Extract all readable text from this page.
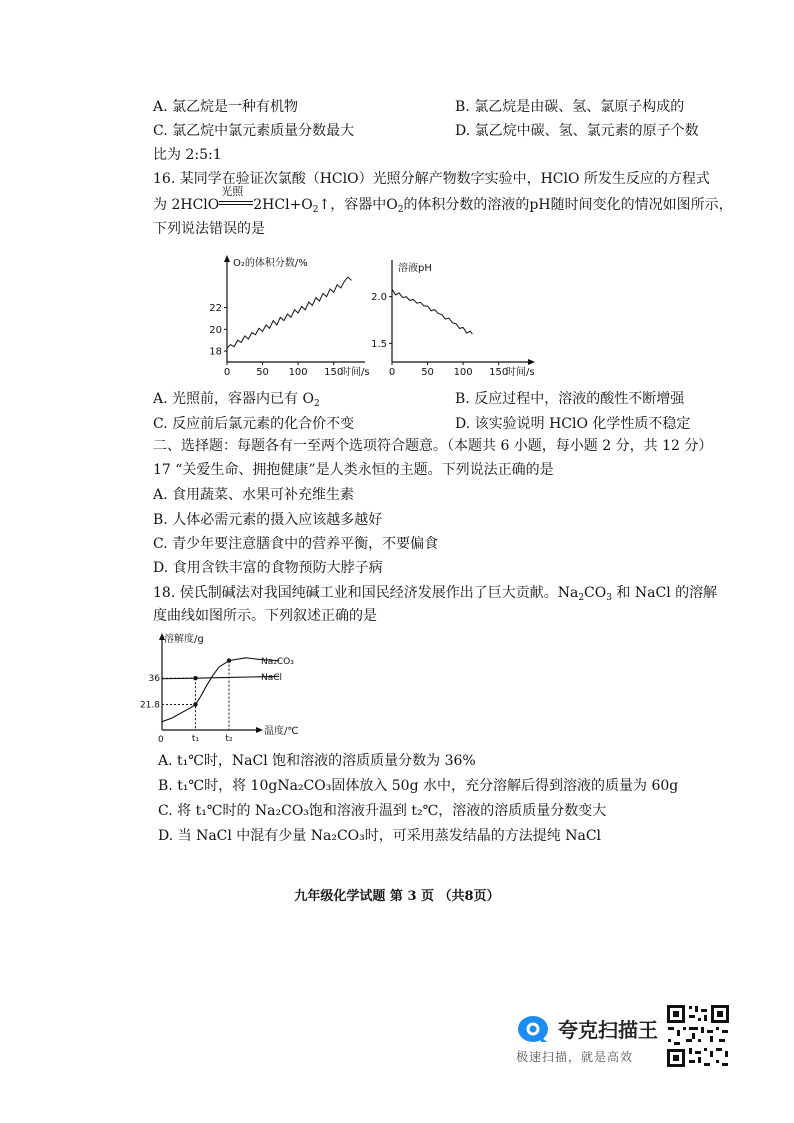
A. 氯乙烷是一种有机物	B. 氯乙烷是由碳、氢、氯原子构成的
C. 氯乙烷中氯元素质量分数最大	D. 氯乙烷中碳、氢、氯元素的原子个数
比为 2:5:1
16. 某同学在验证次氯酸（HClO）光照分解产物数字实验中，HClO 所发生反应的方程式
为 2HClO
光照
$2HCl+O_2↑$，容器中$O_2$的体积分数的溶液的pH随时间变化的情况如图所示，
下列说法错误的是
O₂的体积分数/%
18
20
22
0	50 100 150
时间/s
溶液pH
1.5
2.0
0	50 100 150
时间/s
A. 光照前，容器内已有 $O_2$	B. 反应过程中，溶液的酸性不断增强
C. 反应前后氯元素的化合价不变	D. 该实验说明 HClO 化学性质不稳定
二、选择题：每题各有一至两个选项符合题意。（本题共 6 小题，每小题 2 分，共 12 分）
17 “关爱生命、拥抱健康”是人类永恒的主题。下列说法正确的是
A. 食用蔬菜、水果可补充维生素
B. 人体必需元素的摄入应该越多越好
C. 青少年要注意膳食中的营养平衡，不要偏食
D. 食用含铁丰富的食物预防大脖子病
18. 侯氏制碱法对我国纯碱工业和国民经济发展作出了巨大贡献。$Na_2CO_3$ 和 NaCl 的溶解
度曲线如图所示。下列叙述正确的是
溶解度/g
温度/℃
0
21.8
36
t₁	t₂
Na₂CO₃
NaCl
A. t₁℃时，NaCl 饱和溶液的溶质质量分数为 36%
B. t₁℃时，将 10gNa₂CO₃固体放入 50g 水中，充分溶解后得到溶液的质量为 60g
C. 将 t₁℃时的 Na₂CO₃饱和溶液升温到 t₂℃，溶液的溶质质量分数变大
D. 当 NaCl 中混有少量 Na₂CO₃时，可采用蒸发结晶的方法提纯 NaCl
九年级化学试题 第 3 页 （共8页）
夸克扫描王
极速扫描，就是高效
